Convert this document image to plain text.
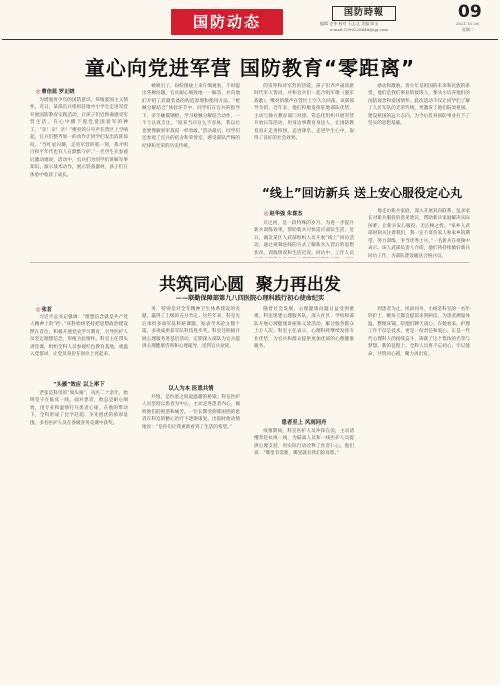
国防动态	国防時報	09
编辑 史华 校对 石志文 美编 陈宝
e-mail:1590228648@qq.com
2021.10.26
星期二
童心向党进军营 国防教育“零距离”
◎曹佳蓝 罗正晓

为增强青少年的国防意识，厚植爱国主义情怀，近日，某部官兵组织驻地中小学生走进军营开展国防教育实践活动，让孩子们近距离感受军营生活，在心中播下爱党爱国爱军的种子。“亲！亲！亲！”嘹亮的口号声在营区上空响起，官兵们整齐划一的动作让同学们发出阵阵惊叹。“当红星闪耀，走进军营的那一刻，我才明白和平年代也有人在默默守护。”一名学生在参观后激动地说。活动中，官兵们为同学们讲解军事知识，演示战术动作，展示装备器材，孩子们在体验中收获了成长。

被吸引了，纷纷围拢上来仔细观看，不时提出各种问题。官兵耐心细致地一一解答，并向他们介绍了武器装备的构造原理和使用方法。“枪械分解结合”体验环节中，同学们在官兵的指导下，亲手触摸钢枪，学习枪械分解结合动作，一个个认真专注。“原来当兵这么不容易，我以后也要像解放军叔叔一样勇敢。”活动最后，同学们还参观了官兵的宿舍和荣誉室，感受部队严格的纪律和光荣的历史传统。

的崇拜和对军营的热爱。孩子们齐声诵读新时代军人誓词，并和官兵们一起合唱军歌《强军战歌》，嘹亮的歌声在营区上空久久回荡。该部领导介绍，近年来，他们积极发挥驻地部队优势，主动与地方教育部门对接，常态化组织开展军营开放日等活动，用身边事教育身边人，让国防教育真正走进校园、走进课堂、走进学生心中，取得了良好的社会效果。

感动和激励。青少年是祖国的未来和民族的希望，他们是我们事业的接班人，要从小培养他们的国防观念和爱国情怀。此次活动不仅让同学们了解了人民军队的光荣传统，更激发了他们报效祖国、建设祖国的远大志向，为今后投身国防事业打下了坚实的思想基础。

“线上”回访新兵 送上安心服役定心丸
◎赵华强 朱喜杰

兵之初，是一段特殊的岁月。为进一步提升新兵训练效果，帮助新兵尽快适应部队生活，近日，湖北某区人武部组织人员开展“线上”回访活动，通过视频连线的方式了解新兵入营后的思想状况、训练情况和生活近况。回访中，工作人员

地走访新兵家庭，深入开展双向联系，征求家长对新兵服役的意见建议，帮助新兵家庭解决实际困难，让新兵安心服役，无后顾之忧。“家乡人武部时刻关注着我们，我一定不辜负家人和家乡的期望，努力训练，争当优秀士兵。”一名新兵在视频中表示。该人武部负责人介绍，他们将持续做好新兵回访工作，为部队建设输送合格兵员。

共筑同心圆  聚力再出发
——联勤保障部第九八四医院心理科践行初心使命纪实
◎张茗

习近平总书记强调：“理想信念就是共产党人精神上的‘钙’。”该科始终坚持把思想政治建设摆在首位，积极开展党史学习教育，引导医护人员坚定理想信念，厚植为民情怀。科室主任带头讲党课，组织全科人员参观红色教育基地，重温入党誓词，让党员身份在岗位上亮起来。

“头雁”效应 以上率下

老张是科里的“领头雁”，从医二十余年，始终坚守在临床一线。面对患者，他总是耐心细致，用专业和温情打开患者心扉。在他的带动下，全科形成了比学赶超、争先创优的浓厚氛围，多名医护人员在各级业务竞赛中获奖。

务，特别是对全军精神卫生体系建设的贡献，赢得了上级的充分肯定。这些年来，科室先后承担多项军队科研课题，发表学术论文数十篇，多项成果获军队科技进步奖。科室还积极开展心理服务进基层活动，定期深入部队为官兵提供心理健康咨询和心理疏导，受到官兵欢迎。

以人为本 医患共情

共情，是医患之间最温暖的桥梁。科室医护人员坚持以患者为中心，主动走进患者内心，倾听他们的困惑和痛苦。一位长期受抑郁困扰的患者在科室的精心治疗下逐渐康复，出院时他动情地说：“是你们让我重新看到了生活的希望。”

随着社会发展，心理健康问题日益受到重视。科室组建心理服务队，深入社区、学校和部队开展心理健康讲座和义诊活动，累计服务群众上万人次。科室主任表示，心理科将继续发挥专业优势，为官兵和群众提供更加优质的心理健康服务。

患者至上 风雨同舟

疫情期间，科室医护人员冲锋在前，主动请缨奔赴抗疫一线，为隔离人员和一线医护人员提供心理支持，用实际行动诠释了医者仁心。他们说：“哪里有需要，哪里就有我们的身影。”

到患者为止，风雨同舟。小杨是科室的一名年轻护士，她每天都会提前来到病房，为患者测量体温、整理床铺，陪他们聊天谈心。在她看来，护理工作不仅是技术，更是一份责任和爱心。正是一代代心理科人的接续奋斗，铸就了这个集体的光荣与梦想。新的征程上，全科人员将不忘初心、牢记使命，共筑同心圆，聚力再出发。
